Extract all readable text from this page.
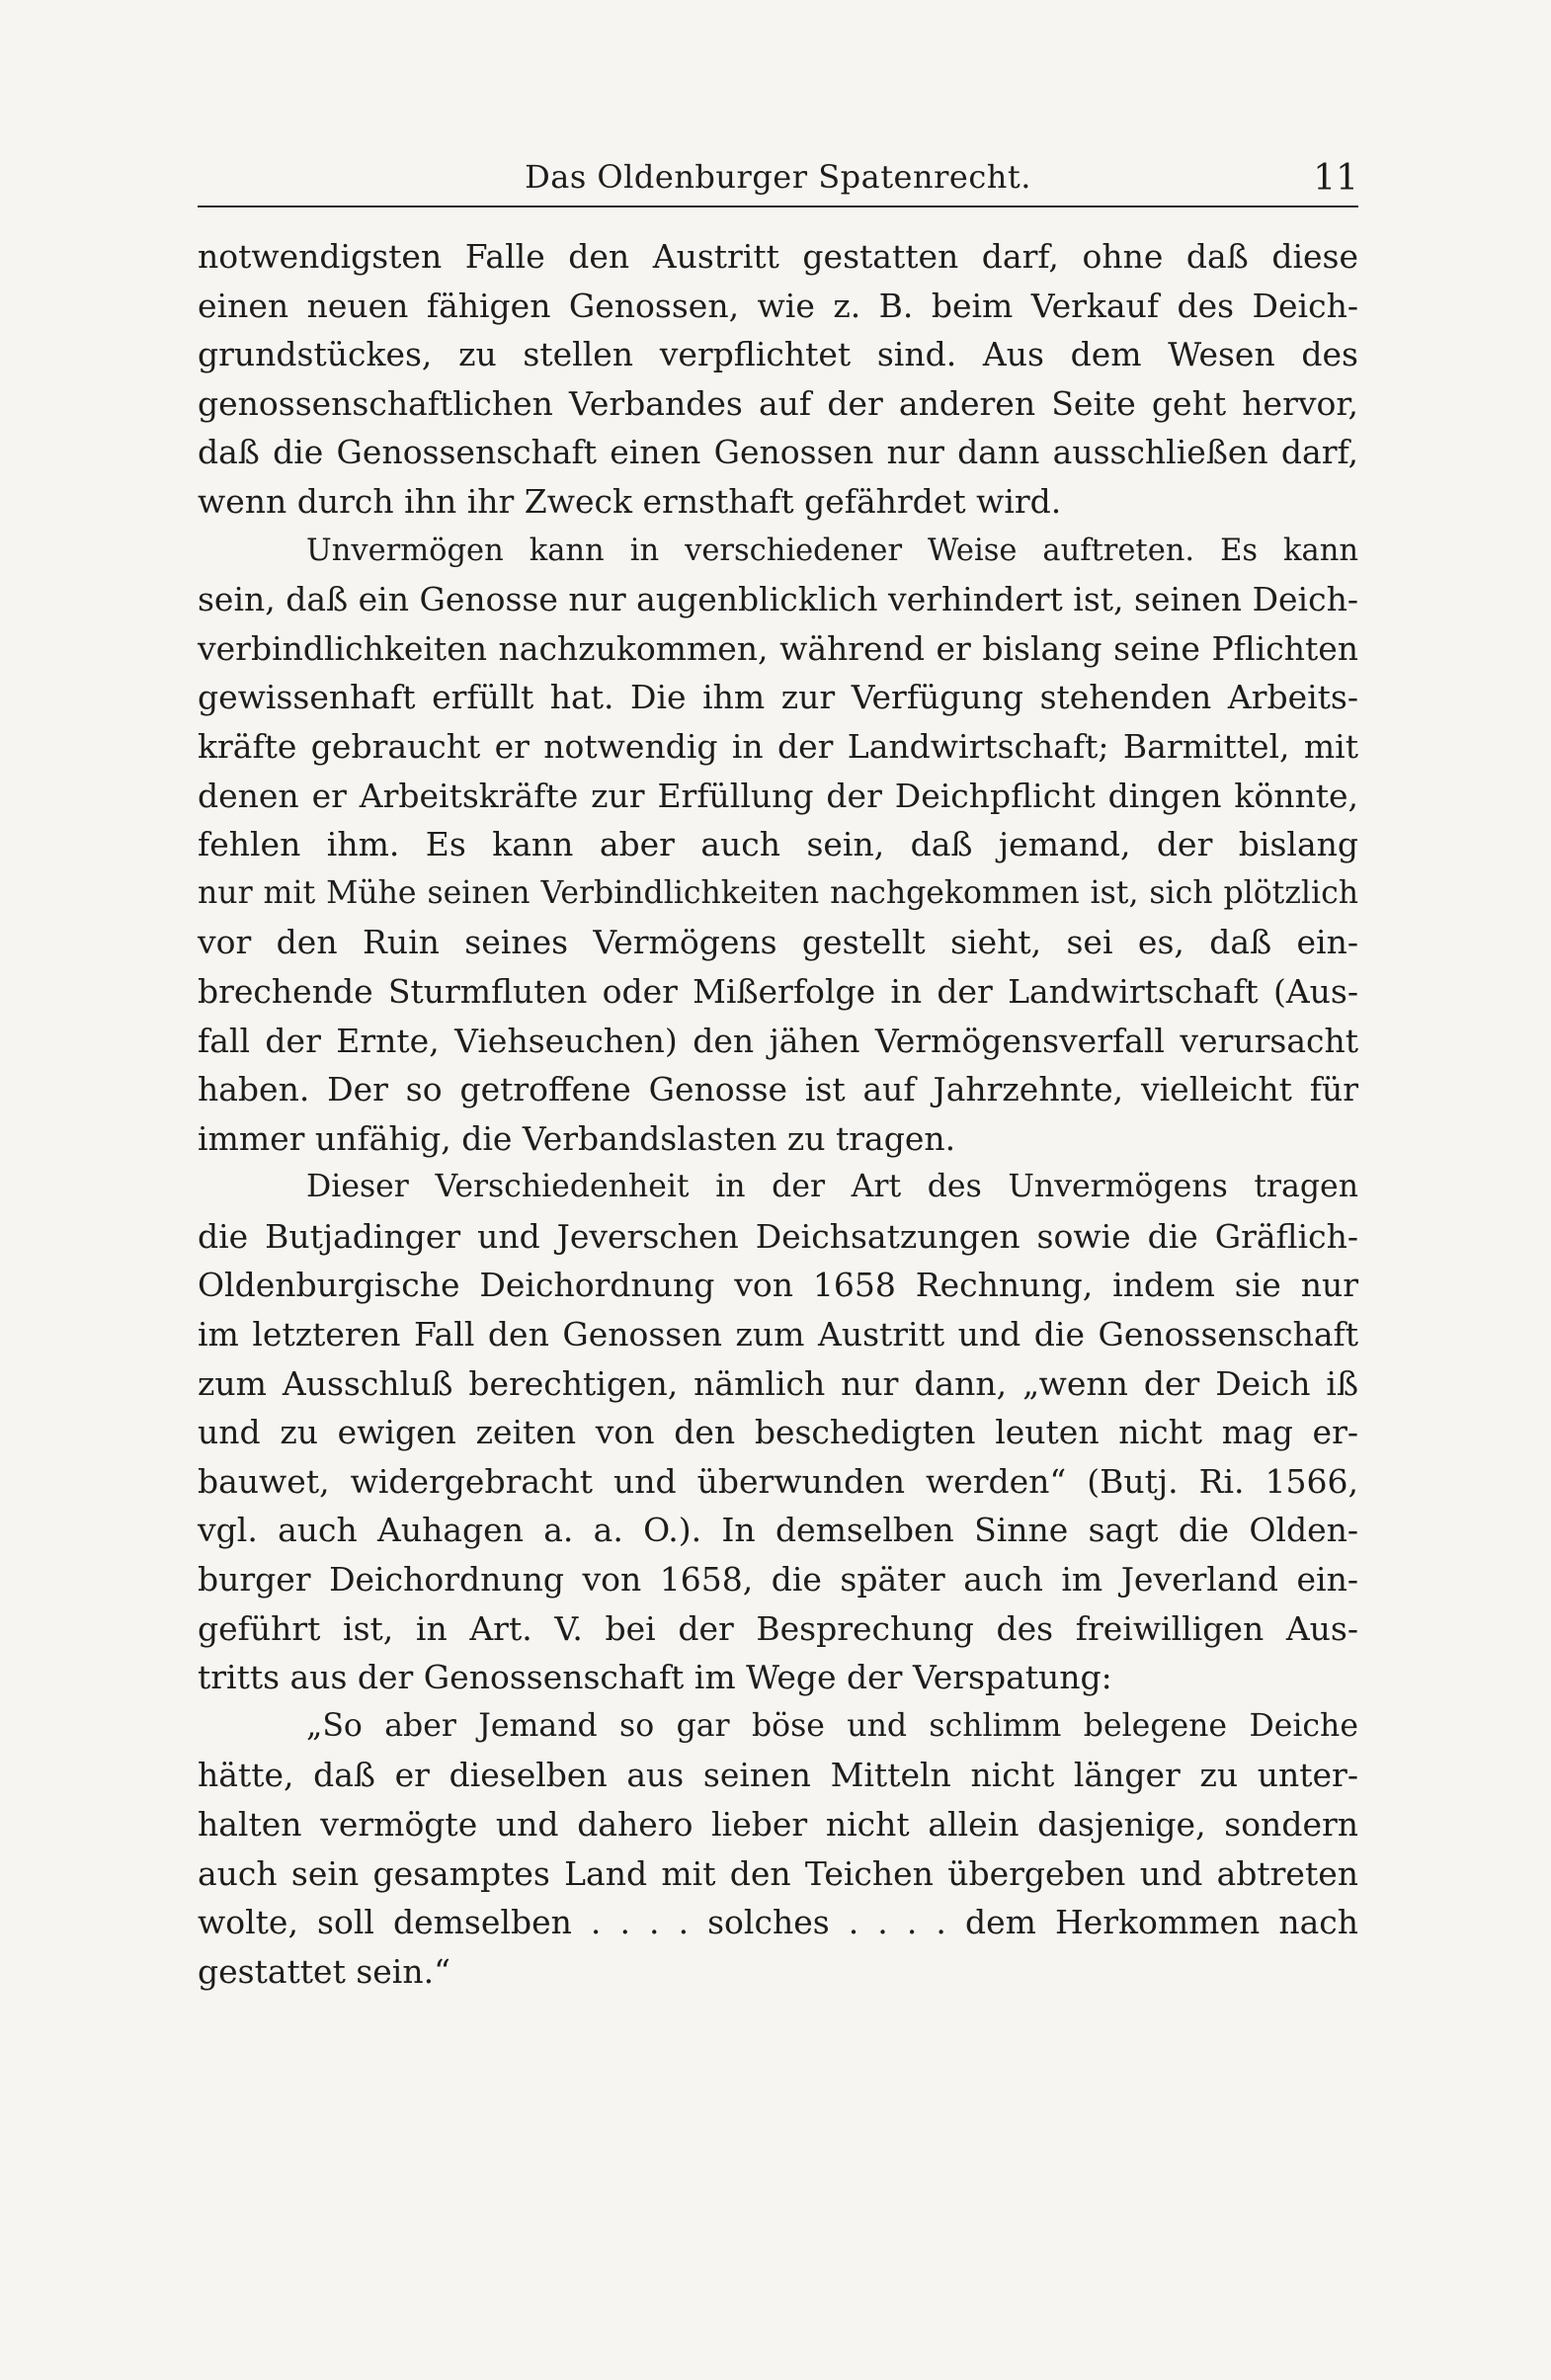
Das Oldenburger Spatenrecht.	11
notwendigsten Falle den Austritt gestatten darf, ohne daß diese
einen neuen fähigen Genossen, wie z. B. beim Verkauf des Deich-
grundstückes, zu stellen verpflichtet sind. Aus dem Wesen des
genossenschaftlichen Verbandes auf der anderen Seite geht hervor,
daß die Genossenschaft einen Genossen nur dann ausschließen darf,
wenn durch ihn ihr Zweck ernsthaft gefährdet wird.
Unvermögen kann in verschiedener Weise auftreten. Es kann
sein, daß ein Genosse nur augenblicklich verhindert ist, seinen Deich-
verbindlichkeiten nachzukommen, während er bislang seine Pflichten
gewissenhaft erfüllt hat. Die ihm zur Verfügung stehenden Arbeits-
kräfte gebraucht er notwendig in der Landwirtschaft; Barmittel, mit
denen er Arbeitskräfte zur Erfüllung der Deichpflicht dingen könnte,
fehlen ihm. Es kann aber auch sein, daß jemand, der bislang
nur mit Mühe seinen Verbindlichkeiten nachgekommen ist, sich plötzlich
vor den Ruin seines Vermögens gestellt sieht, sei es, daß ein-
brechende Sturmfluten oder Mißerfolge in der Landwirtschaft (Aus-
fall der Ernte, Viehseuchen) den jähen Vermögensverfall verursacht
haben. Der so getroffene Genosse ist auf Jahrzehnte, vielleicht für
immer unfähig, die Verbandslasten zu tragen.
Dieser Verschiedenheit in der Art des Unvermögens tragen
die Butjadinger und Jeverschen Deichsatzungen sowie die Gräflich-
Oldenburgische Deichordnung von 1658 Rechnung, indem sie nur
im letzteren Fall den Genossen zum Austritt und die Genossenschaft
zum Ausschluß berechtigen, nämlich nur dann, „wenn der Deich iß
und zu ewigen zeiten von den beschedigten leuten nicht mag er-
bauwet, widergebracht und überwunden werden“ (Butj. Ri. 1566,
vgl. auch Auhagen a. a. O.). In demselben Sinne sagt die Olden-
burger Deichordnung von 1658, die später auch im Jeverland ein-
geführt ist, in Art. V. bei der Besprechung des freiwilligen Aus-
tritts aus der Genossenschaft im Wege der Verspatung:
„So aber Jemand so gar böse und schlimm belegene Deiche
hätte, daß er dieselben aus seinen Mitteln nicht länger zu unter-
halten vermögte und dahero lieber nicht allein dasjenige, sondern
auch sein gesamptes Land mit den Teichen übergeben und abtreten
wolte, soll demselben . . . . solches . . . . dem Herkommen nach
gestattet sein.“
